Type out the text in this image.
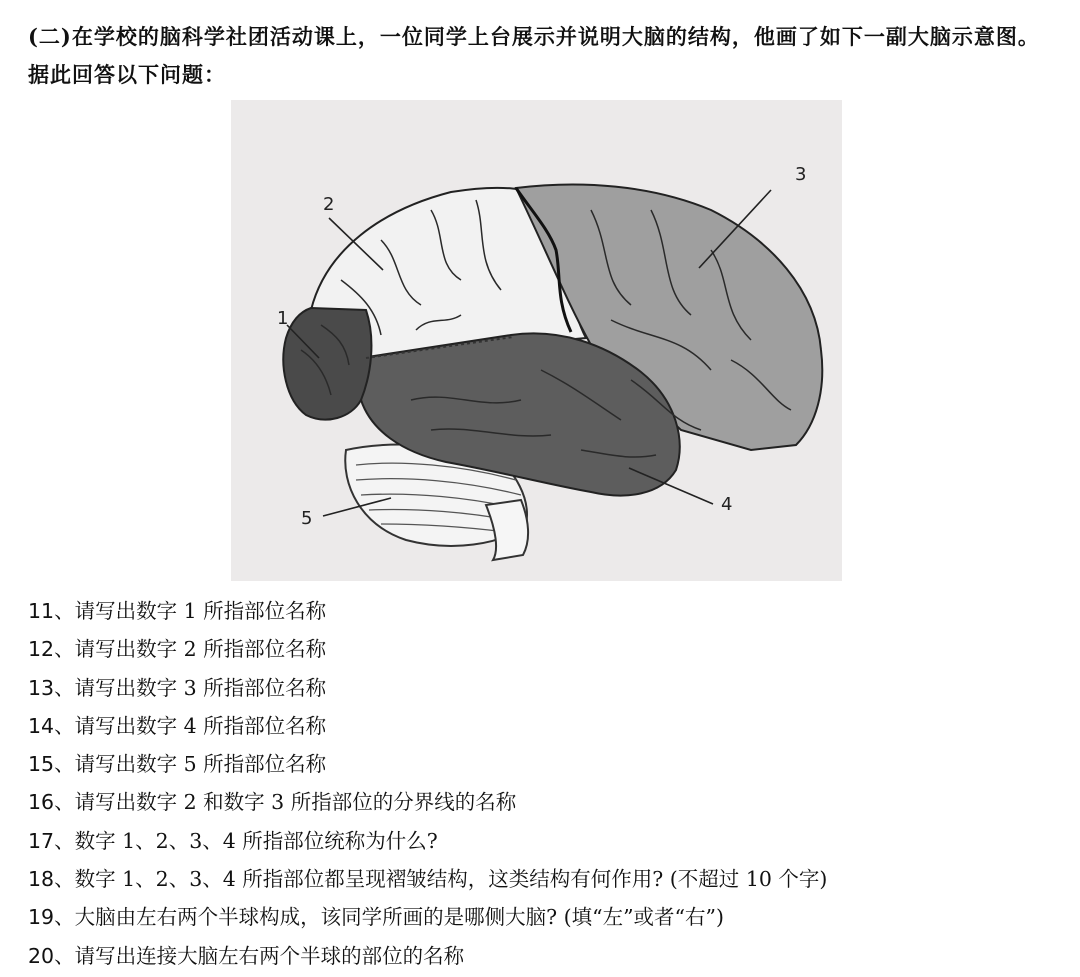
(二)在学校的脑科学社团活动课上，一位同学上台展示并说明大脑的结构，他画了如下一副大脑示意图。据此回答以下问题：
2
1
3
4
5
11、请写出数字 1 所指部位名称
12、请写出数字 2 所指部位名称
13、请写出数字 3 所指部位名称
14、请写出数字 4 所指部位名称
15、请写出数字 5 所指部位名称
16、请写出数字 2 和数字 3 所指部位的分界线的名称
17、数字 1、2、3、4 所指部位统称为什么?
18、数字 1、2、3、4 所指部位都呈现褶皱结构，这类结构有何作用? (不超过 10 个字)
19、大脑由左右两个半球构成，该同学所画的是哪侧大脑? (填“左”或者“右”)
20、请写出连接大脑左右两个半球的部位的名称
